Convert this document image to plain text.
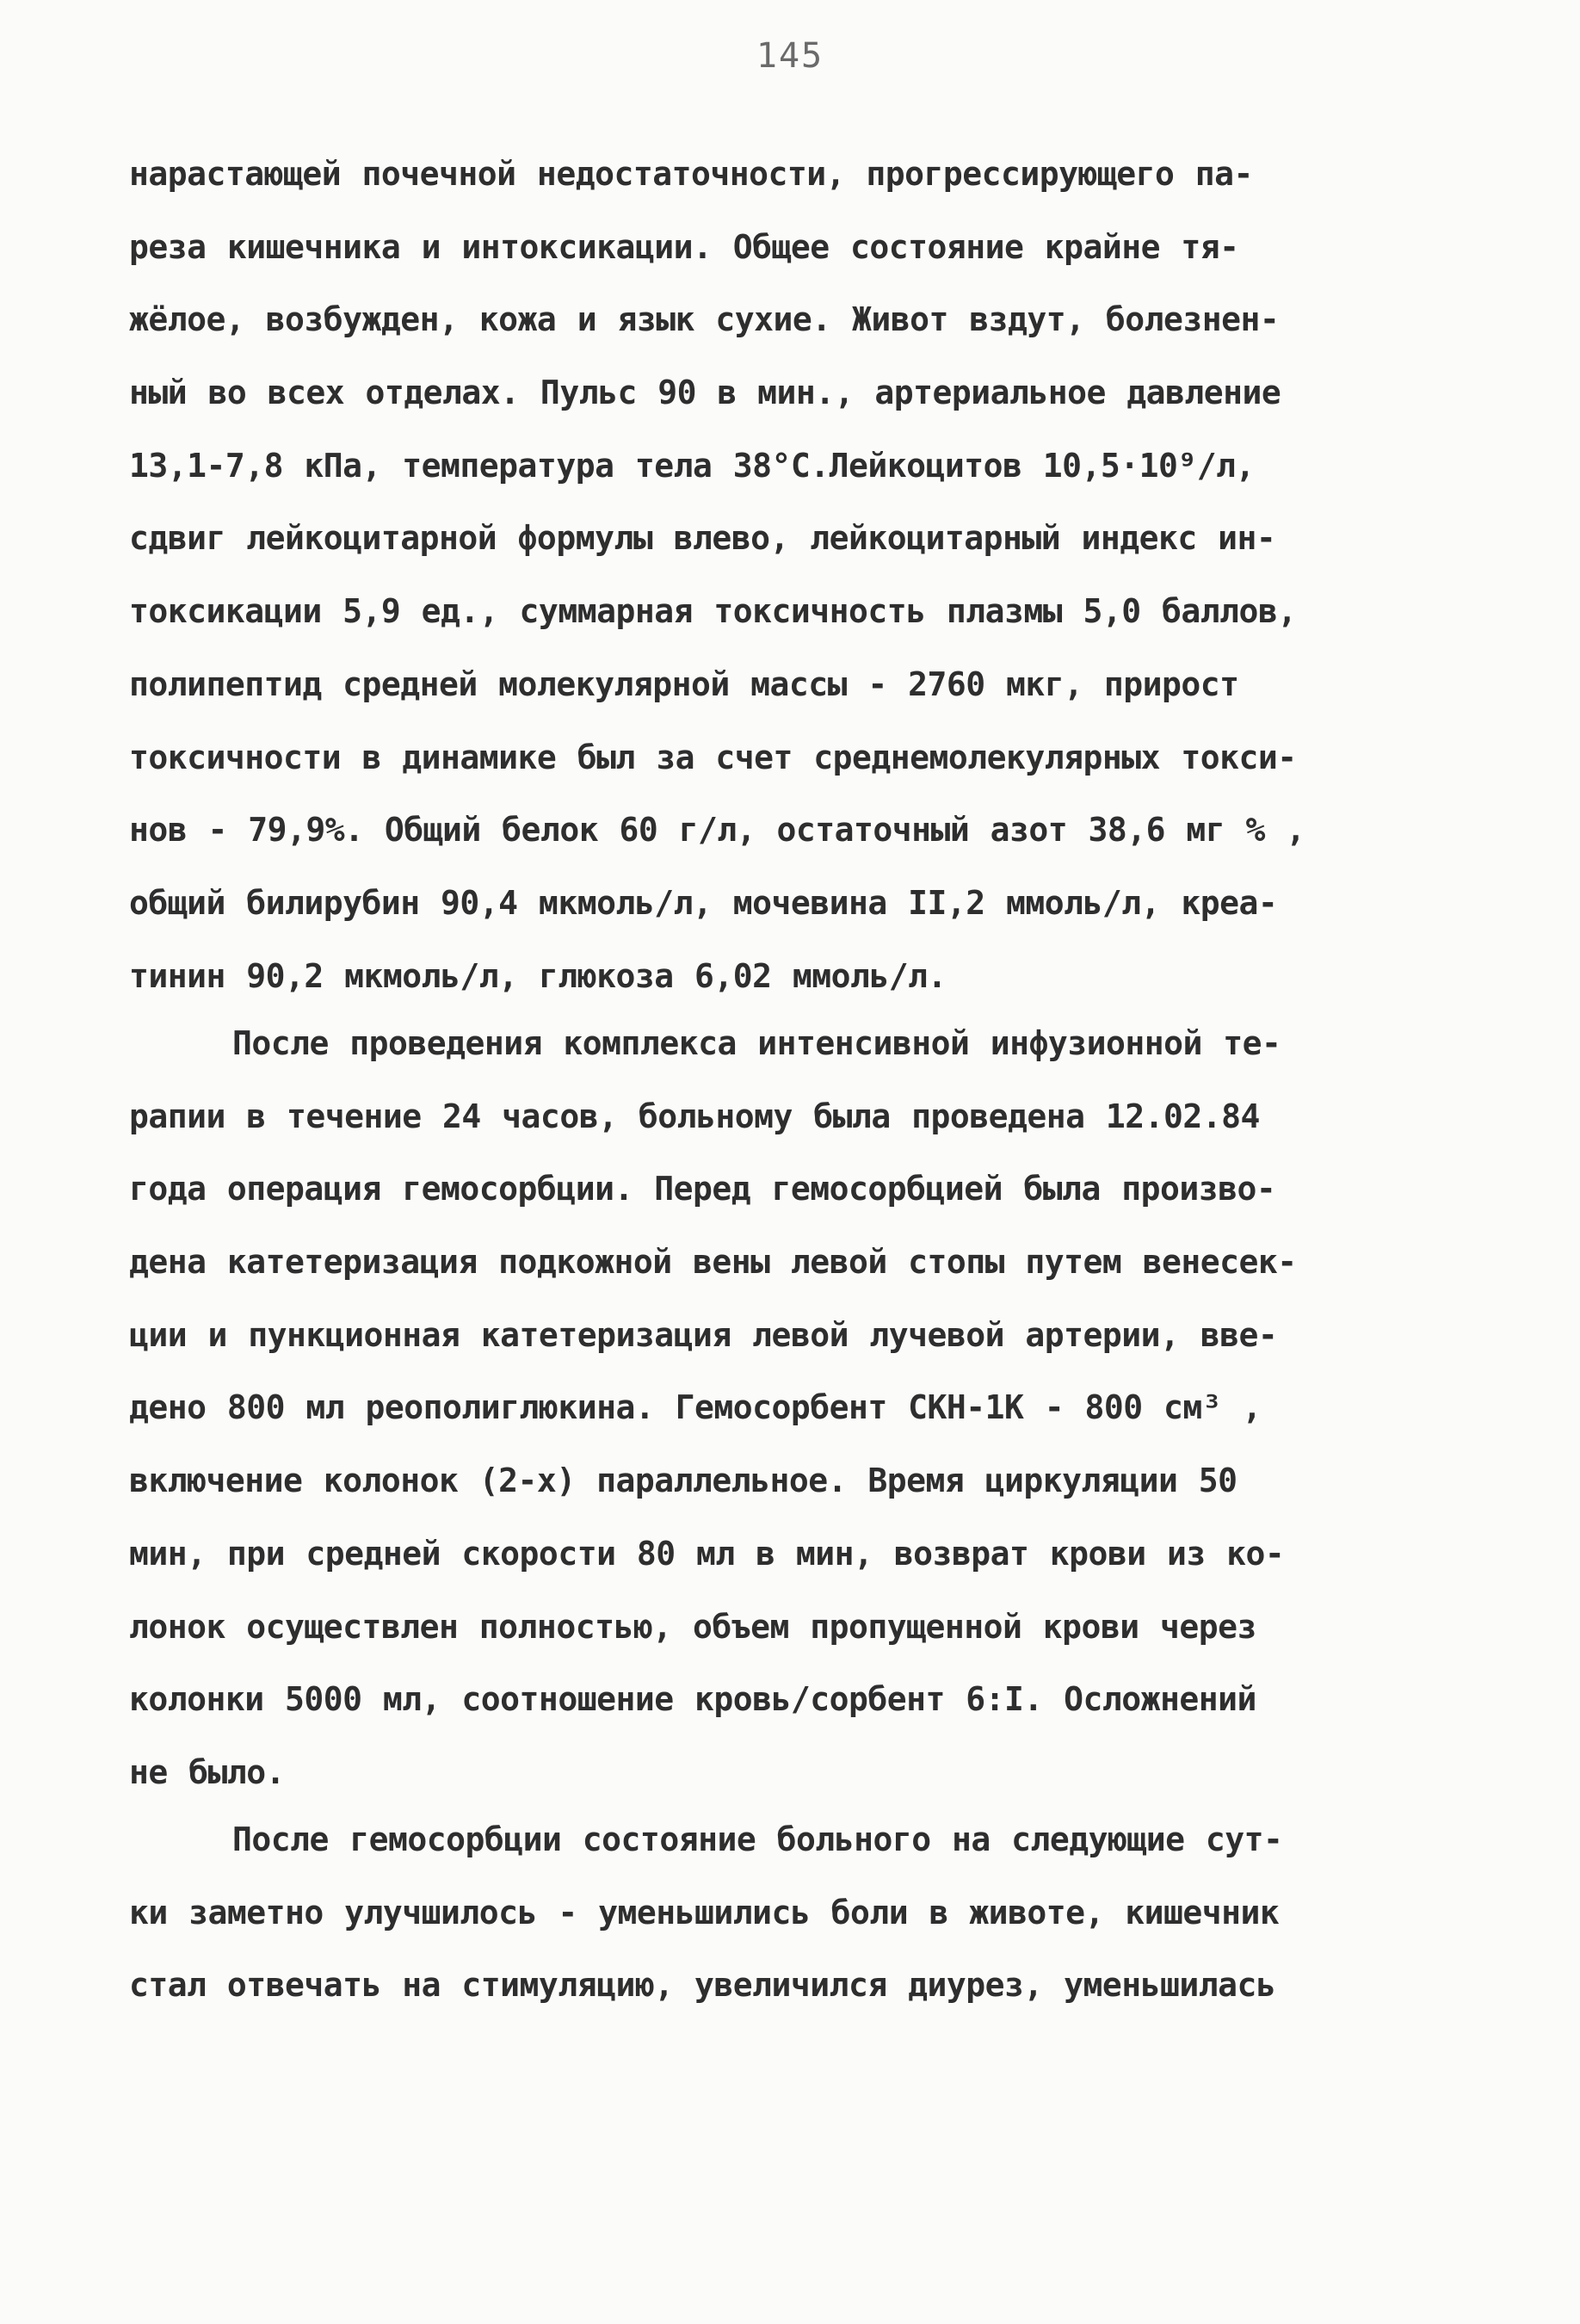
145
нарастающей почечной недостаточности, прогрессирующего па-
реза кишечника и интоксикации. Общее состояние крайне тя-
жёлое, возбужден, кожа и язык сухие. Живот вздут, болезнен-
ный во всех отделах. Пульс 90 в мин., артериальное давление
13,1-7,8 кПа, температура тела 38°С.Лейкоцитов 10,5·10⁹/л,
сдвиг лейкоцитарной формулы влево, лейкоцитарный индекс ин-
токсикации 5,9 ед., суммарная токсичность плазмы 5,0 баллов,
полипептид средней молекулярной массы - 2760 мкг, прирост
токсичности в динамике был за счет среднемолекулярных токси-
нов - 79,9%. Общий белок 60 г/л, остаточный азот 38,6 мг % ,
общий билирубин 90,4 мкмоль/л, мочевина II,2 ммоль/л, креа-
тинин 90,2 мкмоль/л, глюкоза 6,02 ммоль/л.
После проведения комплекса интенсивной инфузионной те-
рапии в течение 24 часов, больному была проведена 12.02.84
года операция гемосорбции. Перед гемосорбцией была произво-
дена катетеризация подкожной вены левой стопы путем венесек-
ции и пункционная катетеризация левой лучевой артерии, вве-
дено 800 мл реополиглюкина. Гемосорбент СКН-1К - 800 см³ ,
включение колонок (2-х) параллельное. Время циркуляции 50
мин, при средней скорости 80 мл в мин, возврат крови из ко-
лонок осуществлен полностью, объем пропущенной крови через
колонки 5000 мл, соотношение кровь/сорбент 6:I. Осложнений
не было.
После гемосорбции состояние больного на следующие сут-
ки заметно улучшилось - уменьшились боли в животе, кишечник
стал отвечать на стимуляцию, увеличился диурез, уменьшилась
